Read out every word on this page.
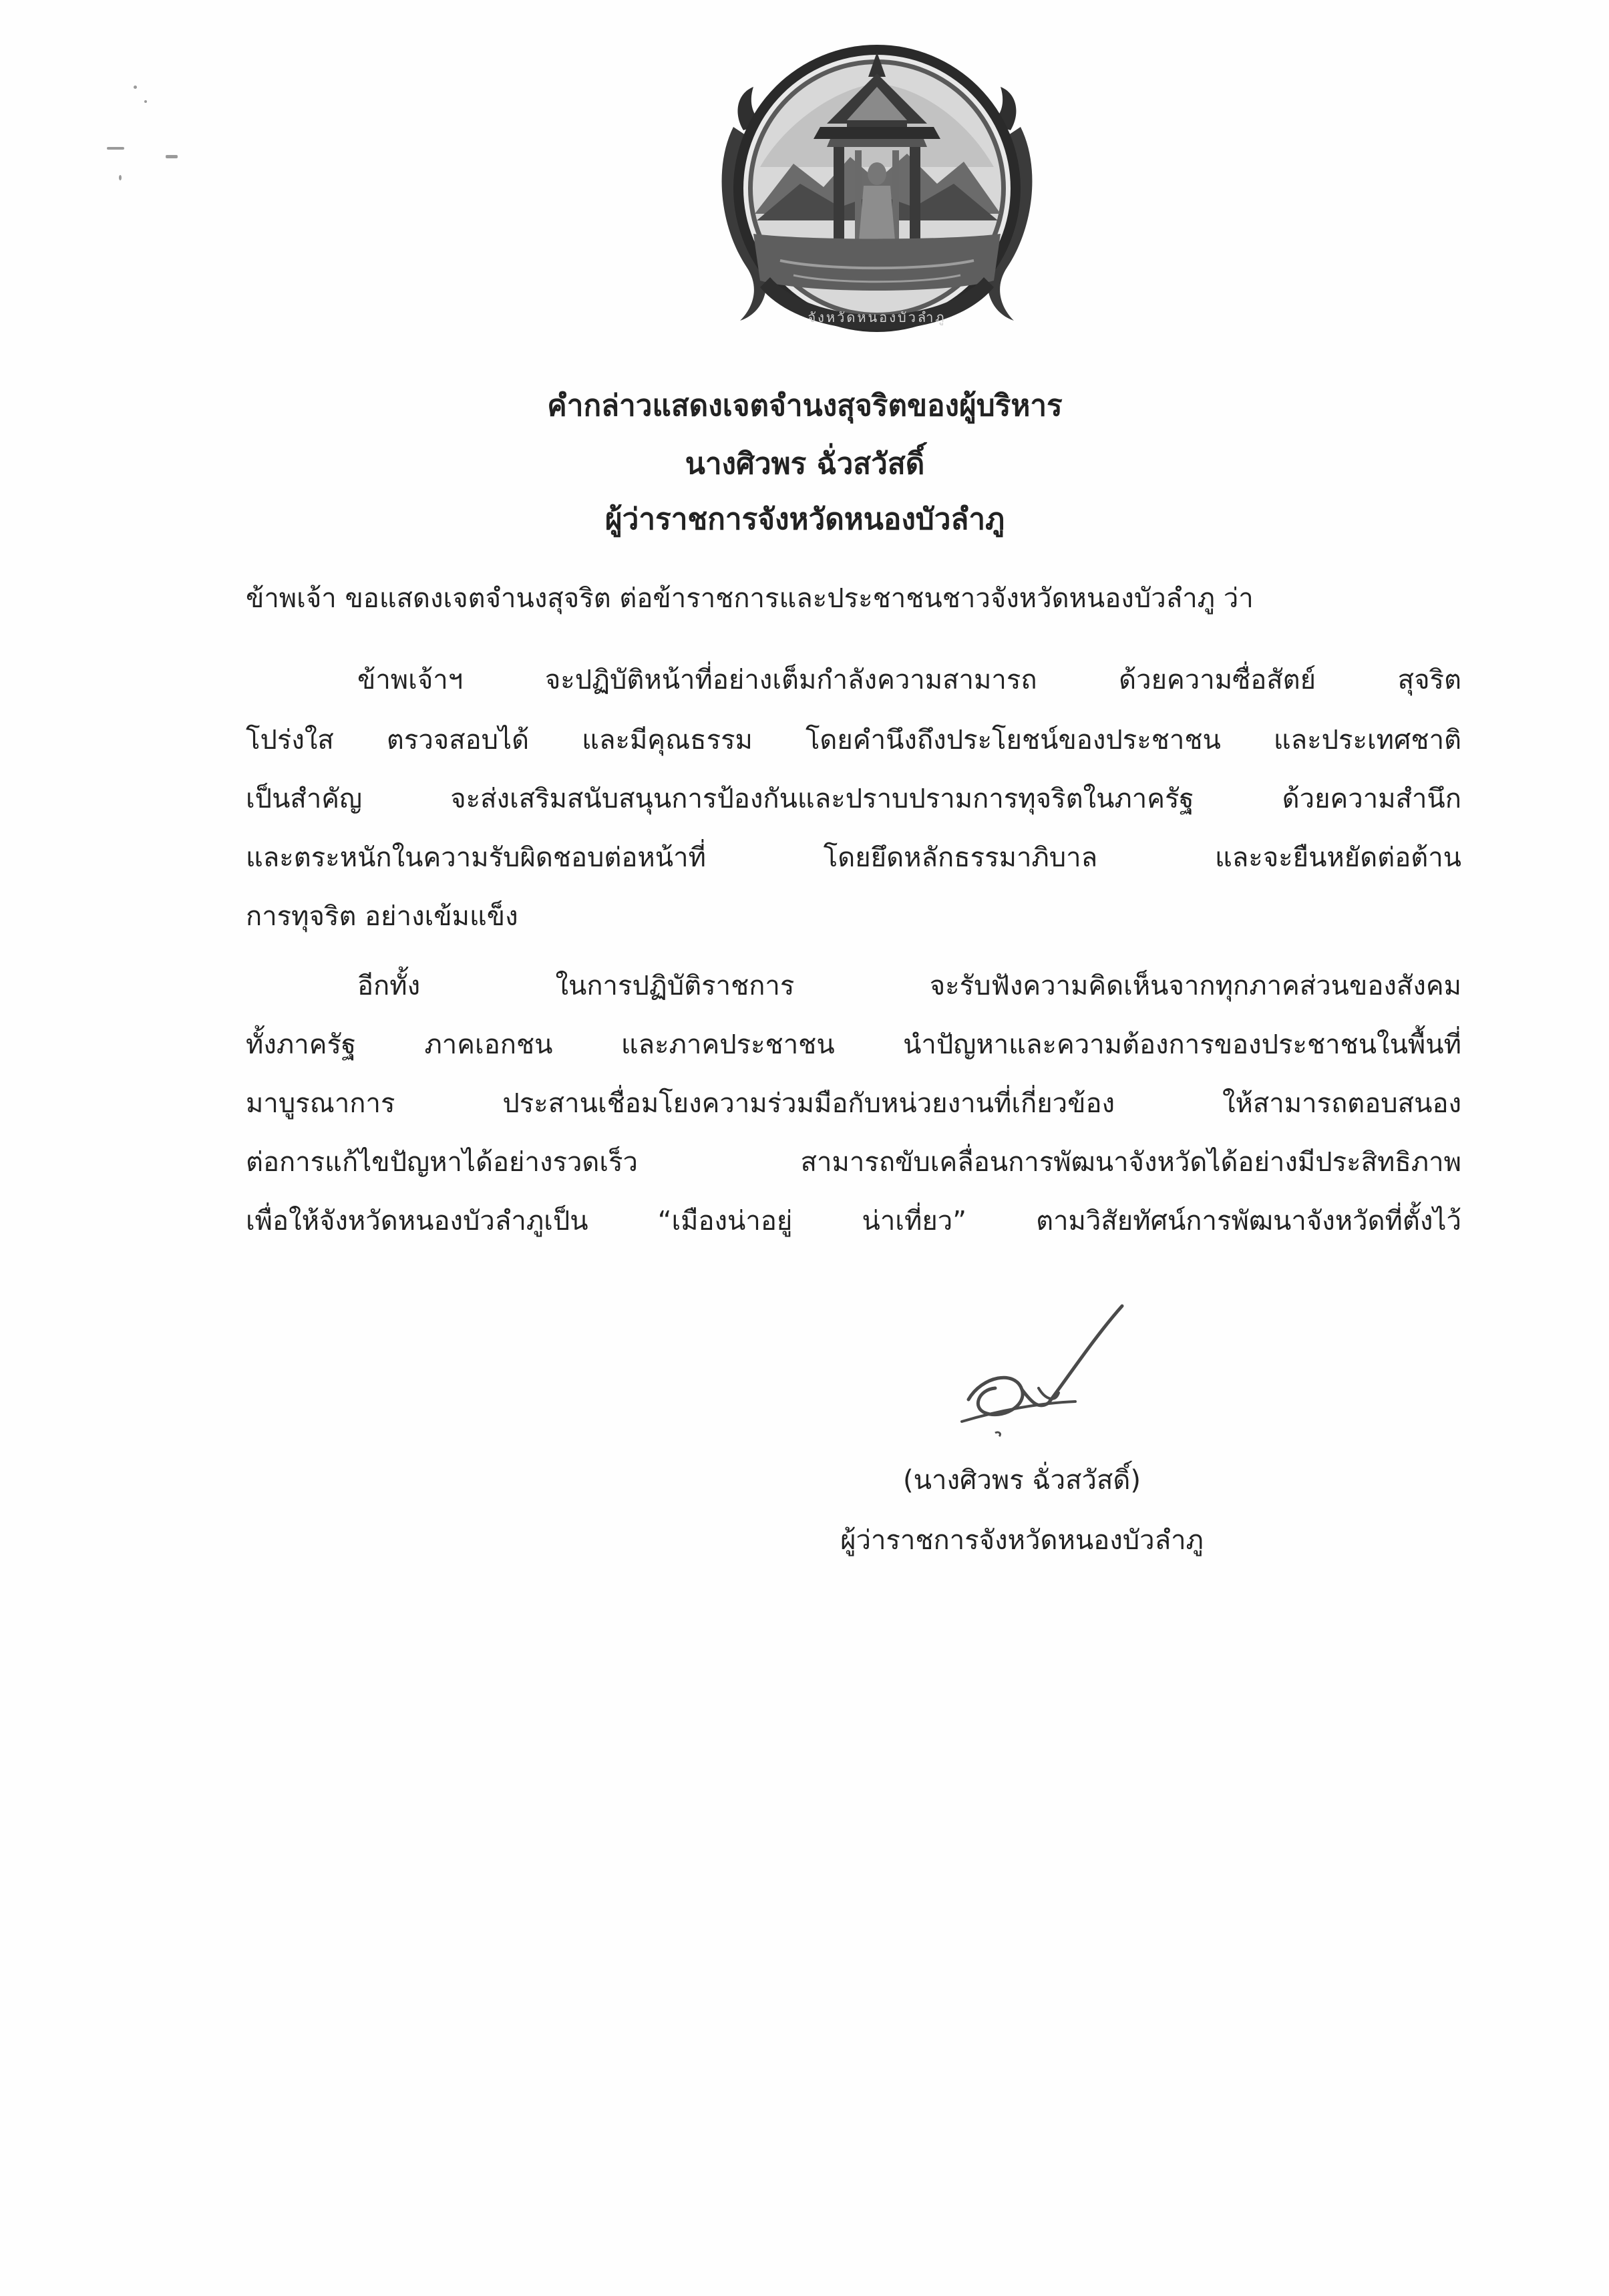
จังหวัดหนองบัวลำภู
คำกล่าวแสดงเจตจำนงสุจริตของผู้บริหาร
นางศิวพร ฉั่วสวัสดิ์
ผู้ว่าราชการจังหวัดหนองบัวลำภู
ข้าพเจ้า ขอแสดงเจตจำนงสุจริต ต่อข้าราชการและประชาชนชาวจังหวัดหนองบัวลำภู ว่า
ข้าพเจ้าฯ จะปฏิบัติหน้าที่อย่างเต็มกำลังความสามารถ ด้วยความซื่อสัตย์ สุจริต
โปร่งใส ตรวจสอบได้ และมีคุณธรรม โดยคำนึงถึงประโยชน์ของประชาชน และประเทศชาติ
เป็นสำคัญ จะส่งเสริมสนับสนุนการป้องกันและปราบปรามการทุจริตในภาครัฐ ด้วยความสำนึก
และตระหนักในความรับผิดชอบต่อหน้าที่ โดยยึดหลักธรรมาภิบาล และจะยืนหยัดต่อต้าน
การทุจริต อย่างเข้มแข็ง
อีกทั้ง ในการปฏิบัติราชการ จะรับฟังความคิดเห็นจากทุกภาคส่วนของสังคม
ทั้งภาครัฐ ภาคเอกชน และภาคประชาชน นำปัญหาและความต้องการของประชาชนในพื้นที่
มาบูรณาการ ประสานเชื่อมโยงความร่วมมือกับหน่วยงานที่เกี่ยวข้อง ให้สามารถตอบสนอง
ต่อการแก้ไขปัญหาได้อย่างรวดเร็ว สามารถขับเคลื่อนการพัฒนาจังหวัดได้อย่างมีประสิทธิภาพ
เพื่อให้จังหวัดหนองบัวลำภูเป็น “เมืองน่าอยู่ น่าเที่ยว” ตามวิสัยทัศน์การพัฒนาจังหวัดที่ตั้งไว้
(นางศิวพร ฉั่วสวัสดิ์)
ผู้ว่าราชการจังหวัดหนองบัวลำภู
